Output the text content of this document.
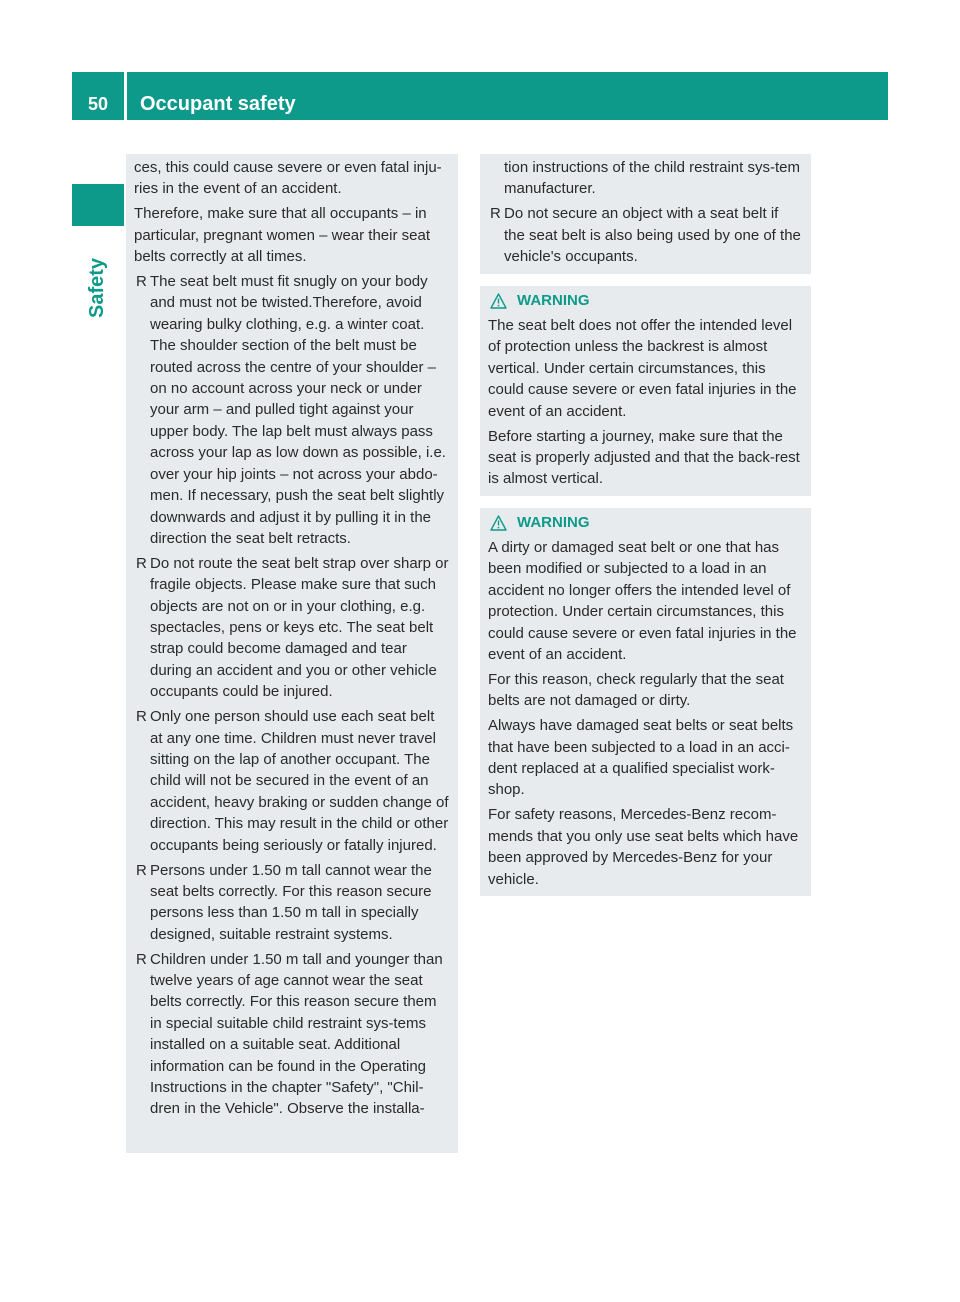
50	Occupant safety
Safety

ces, this could cause severe or even fatal inju-ries in the event of an accident.

Therefore, make sure that all occupants – in particular, pregnant women – wear their seat belts correctly at all times.

R The seat belt must fit snugly on your body and must not be twisted.Therefore, avoid wearing bulky clothing, e.g. a winter coat. The shoulder section of the belt must be routed across the centre of your shoulder – on no account across your neck or under your arm – and pulled tight against your upper body. The lap belt must always pass across your lap as low down as possible, i.e. over your hip joints – not across your abdo-men. If necessary, push the seat belt slightly downwards and adjust it by pulling it in the direction the seat belt retracts.
R Do not route the seat belt strap over sharp or fragile objects. Please make sure that such objects are not on or in your clothing, e.g. spectacles, pens or keys etc. The seat belt strap could become damaged and tear during an accident and you or other vehicle occupants could be injured.
R Only one person should use each seat belt at any one time. Children must never travel sitting on the lap of another occupant. The child will not be secured in the event of an accident, heavy braking or sudden change of direction. This may result in the child or other occupants being seriously or fatally injured.
R Persons under 1.50 m tall cannot wear the seat belts correctly. For this reason secure persons less than 1.50 m tall in specially designed, suitable restraint systems.
R Children under 1.50 m tall and younger than twelve years of age cannot wear the seat belts correctly. For this reason secure them in special suitable child restraint sys-tems installed on a suitable seat. Additional information can be found in the Operating Instructions in the chapter "Safety", "Chil-dren in the Vehicle". Observe the installa-

tion instructions of the child restraint sys-tem manufacturer.

R Do not secure an object with a seat belt if the seat belt is also being used by one of the vehicle's occupants.
WARNING

The seat belt does not offer the intended level of protection unless the backrest is almost vertical. Under certain circumstances, this could cause severe or even fatal injuries in the event of an accident.

Before starting a journey, make sure that the seat is properly adjusted and that the back-rest is almost vertical.

WARNING

A dirty or damaged seat belt or one that has been modified or subjected to a load in an accident no longer offers the intended level of protection. Under certain circumstances, this could cause severe or even fatal injuries in the event of an accident.

For this reason, check regularly that the seat belts are not damaged or dirty.

Always have damaged seat belts or seat belts that have been subjected to a load in an acci-dent replaced at a qualified specialist work-shop.

For safety reasons, Mercedes-Benz recom-mends that you only use seat belts which have been approved by Mercedes-Benz for your vehicle.
